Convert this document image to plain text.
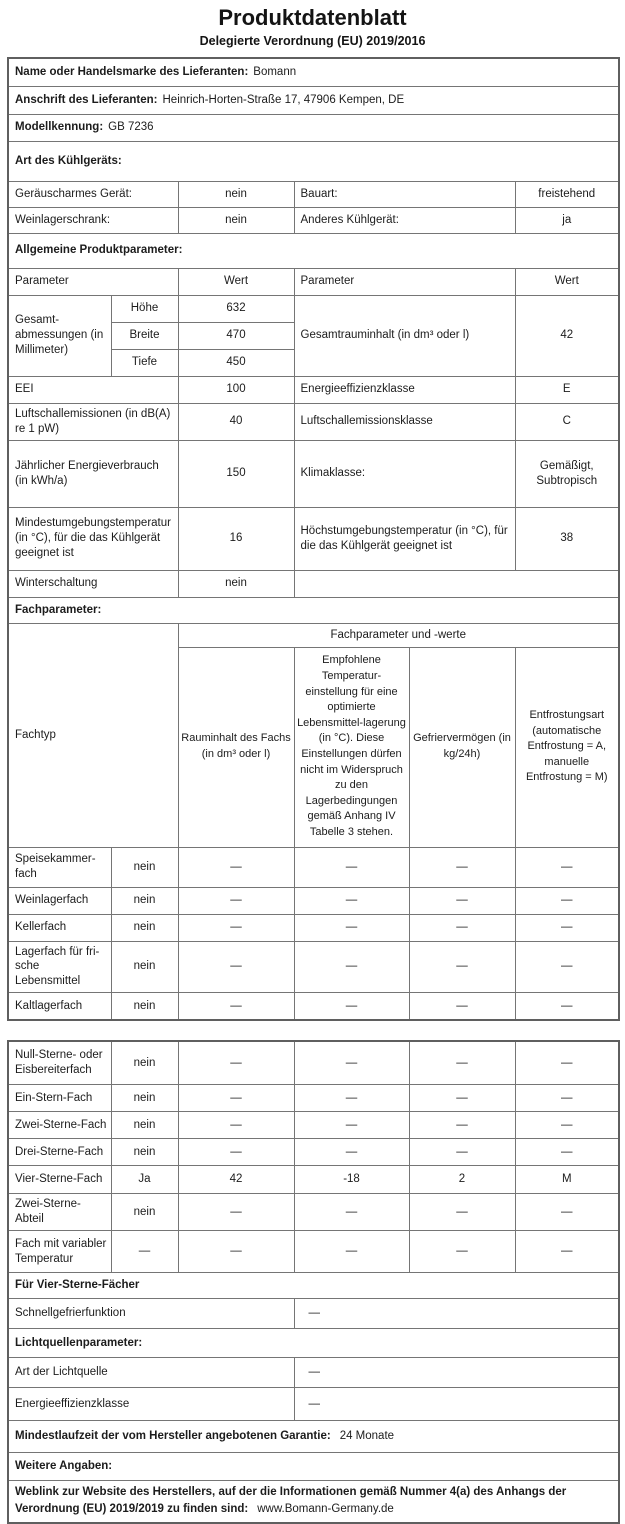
Produktdatenblatt
Delegierte Verordnung (EU) 2019/2016
Name oder Handelsmarke des Lieferanten: Bomann					
Anschrift des Lieferanten: Heinrich-Horten-Straße 17, 47906 Kempen, DE					
Modellkennung: GB 7236					
Art des Kühlgeräts:					
Geräuscharmes Gerät:		nein	Bauart:		freistehend
Weinlagerschrank:		nein	Anderes Kühlgerät:		ja
Allgemeine Produktparameter:					
Parameter		Wert	Parameter		Wert
Gesamt-abmessungen (in Millimeter)	Höhe	632	Gesamtrauminhalt (in dm³ oder l)		42
	Breite	470			
	Tiefe	450			
EEI		100	Energieeffizienzklasse		E
Luftschallemissionen (in dB(A) re 1 pW)		40	Luftschallemissionsklasse		C
Jährlicher Energieverbrauch (in kWh/a)		150	Klimaklasse:		Gemäßigt, Subtropisch
Mindestumgebungstemperatur (in °C), für die das Kühlgerät geeignet ist		16	Höchstumgebungstemperatur (in °C), für die das Kühlgerät geeignet ist		38
Winterschaltung		nein			
Fachparameter:					
Fachtyp		Fachparameter und -werte			
		Rauminhalt des Fachs (in dm³ oder l)	Empfohlene Temperatur-einstellung für eine optimierte Lebensmittel-lagerung (in °C). Diese Einstellungen dürfen nicht im Widerspruch zu den Lagerbedingungen gemäß Anhang IV Tabelle 3 stehen.	Gefriervermögen (in kg/24h)	Entfrostungsart (automatische Entfrostung = A, manuelle Entfrostung = M)
Speisekammer-fach	nein	—	—	—	—
Weinlagerfach	nein	—	—	—	—
Kellerfach	nein	—	—	—	—
Lagerfach für fri-sche Lebensmittel	nein	—	—	—	—
Kaltlagerfach	nein	—	—	—	—
Null-Sterne- oder Eisbereiterfach	nein	—	—	—	—
Ein-Stern-Fach	nein	—	—	—	—
Zwei-Sterne-Fach	nein	—	—	—	—
Drei-Sterne-Fach	nein	—	—	—	—
Vier-Sterne-Fach	Ja	42	-18	2	M
Zwei-Sterne-Abteil	nein	—	—	—	—
Fach mit variabler Temperatur	—	—	—	—	—
Für Vier-Sterne-Fächer					
Schnellgefrierfunktion			—		
Lichtquellenparameter:					
Art der Lichtquelle			—		
Energieeffizienzklasse			—		
Mindestlaufzeit der vom Hersteller angebotenen Garantie: 24 Monate					
Weitere Angaben:					
Weblink zur Website des Herstellers, auf der die Informationen gemäß Nummer 4(a) des Anhangs der Verordnung (EU) 2019/2019 zu finden sind: www.Bomann-Germany.de					
